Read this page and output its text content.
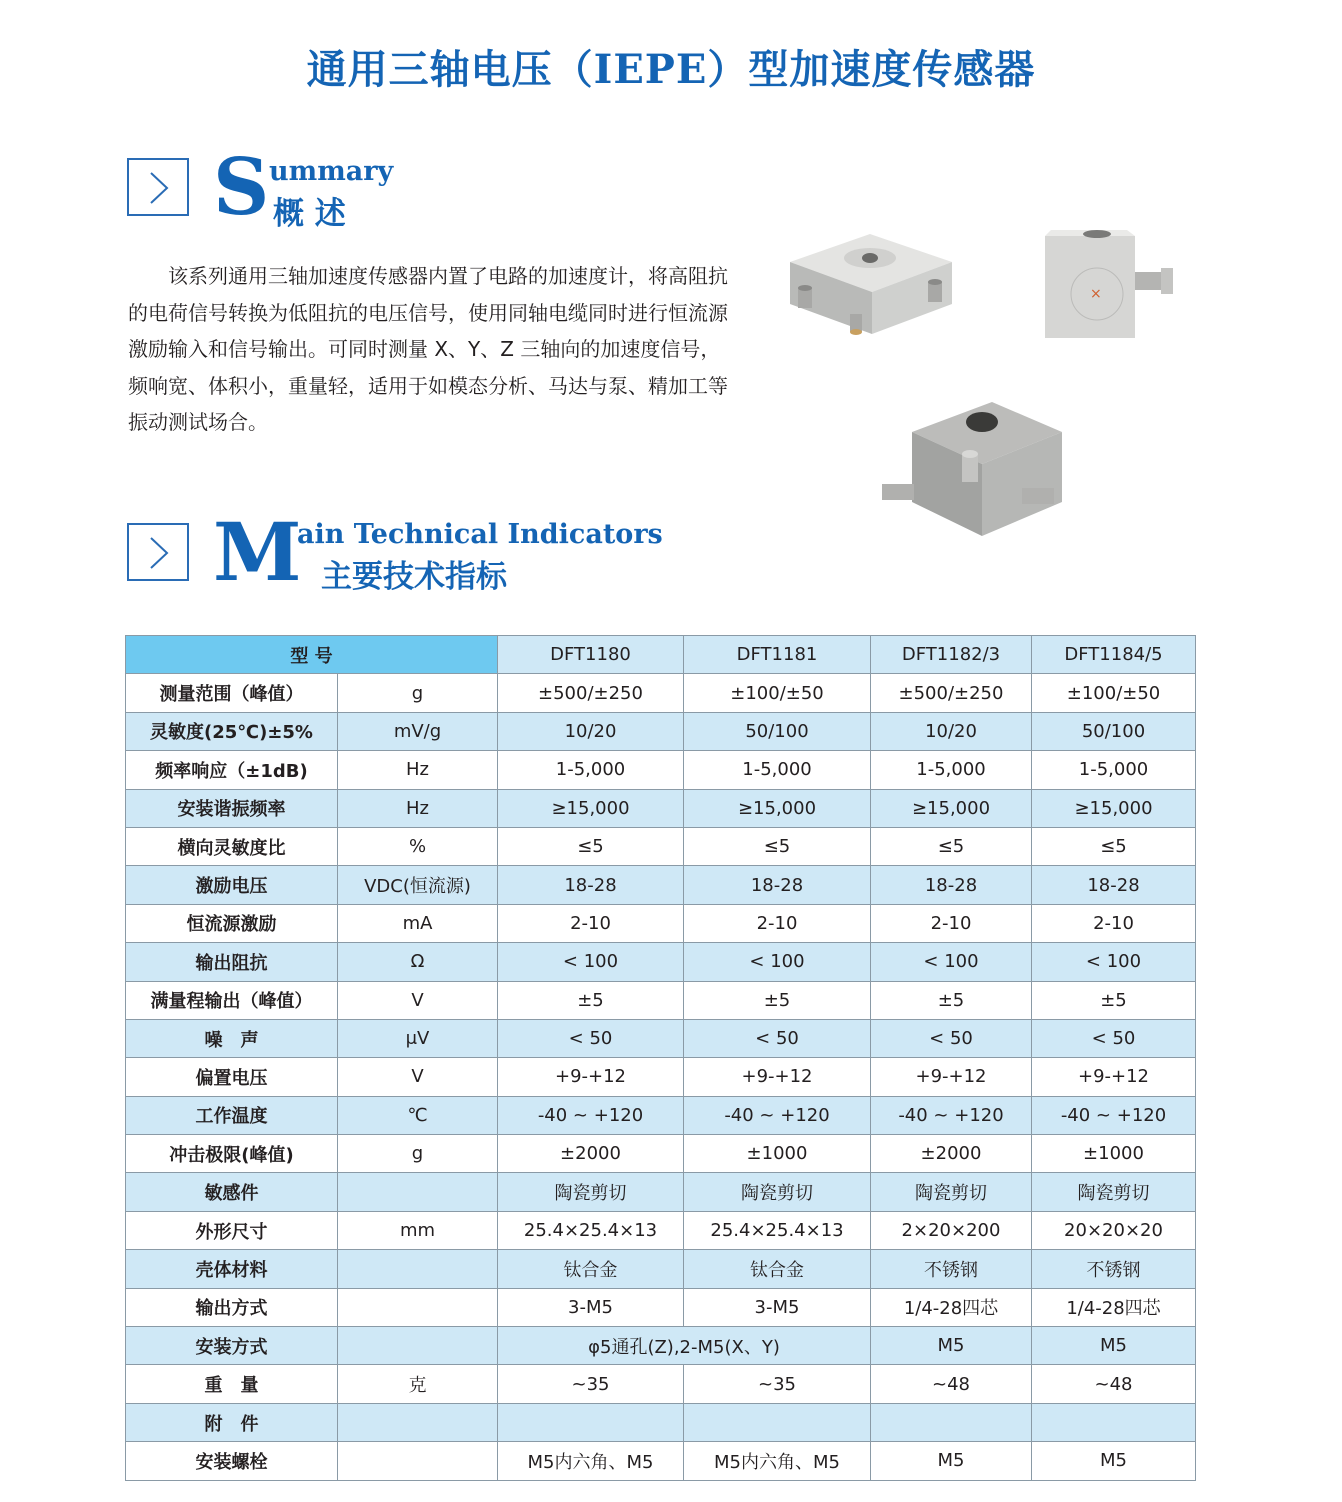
通用三轴电压（IEPE）型加速度传感器
S ummary
概 述

该系列通用三轴加速度传感器内置了电路的加速度计，将高阻抗的电荷信号转换为低阻抗的电压信号，使用同轴电缆同时进行恒流源激励输入和信号输出。可同时测量 X、Y、Z 三轴向的加速度信号，频响宽、体积小，重量轻，适用于如模态分析、马达与泵、精加工等振动测试场合。

×
M
ain Technical Indicators
主要技术指标
型 号		DFT1180	DFT1181	DFT1182/3	DFT1184/5
测量范围（峰值）	g	±500/±250	±100/±50	±500/±250	±100/±50
灵敏度(25℃)±5%	mV/g	10/20	50/100	10/20	50/100
频率响应（±1dB)	Hz	1-5,000	1-5,000	1-5,000	1-5,000
安装谐振频率	Hz	≥15,000	≥15,000	≥15,000	≥15,000
横向灵敏度比	%	≤5	≤5	≤5	≤5
激励电压	VDC(恒流源)	18-28	18-28	18-28	18-28
恒流源激励	mA	2-10	2-10	2-10	2-10
输出阻抗	Ω	< 100	< 100	< 100	< 100
满量程输出（峰值）	V	±5	±5	±5	±5
噪　声	μV	< 50	< 50	< 50	< 50
偏置电压	V	+9-+12	+9-+12	+9-+12	+9-+12
工作温度	℃	-40 ~ +120	-40 ~ +120	-40 ~ +120	-40 ~ +120
冲击极限(峰值)	g	±2000	±1000	±2000	±1000
敏感件		陶瓷剪切	陶瓷剪切	陶瓷剪切	陶瓷剪切
外形尺寸	mm	25.4×25.4×13	25.4×25.4×13	2×20×200	20×20×20
壳体材料		钛合金	钛合金	不锈钢	不锈钢
输出方式		3-M5	3-M5	1/4-28四芯	1/4-28四芯
安装方式		φ5通孔(Z),2-M5(X、Y)		M5	M5
重　量	克	~35	~35	~48	~48
附　件					
安装螺栓		M5内六角、M5	M5内六角、M5	M5	M5
